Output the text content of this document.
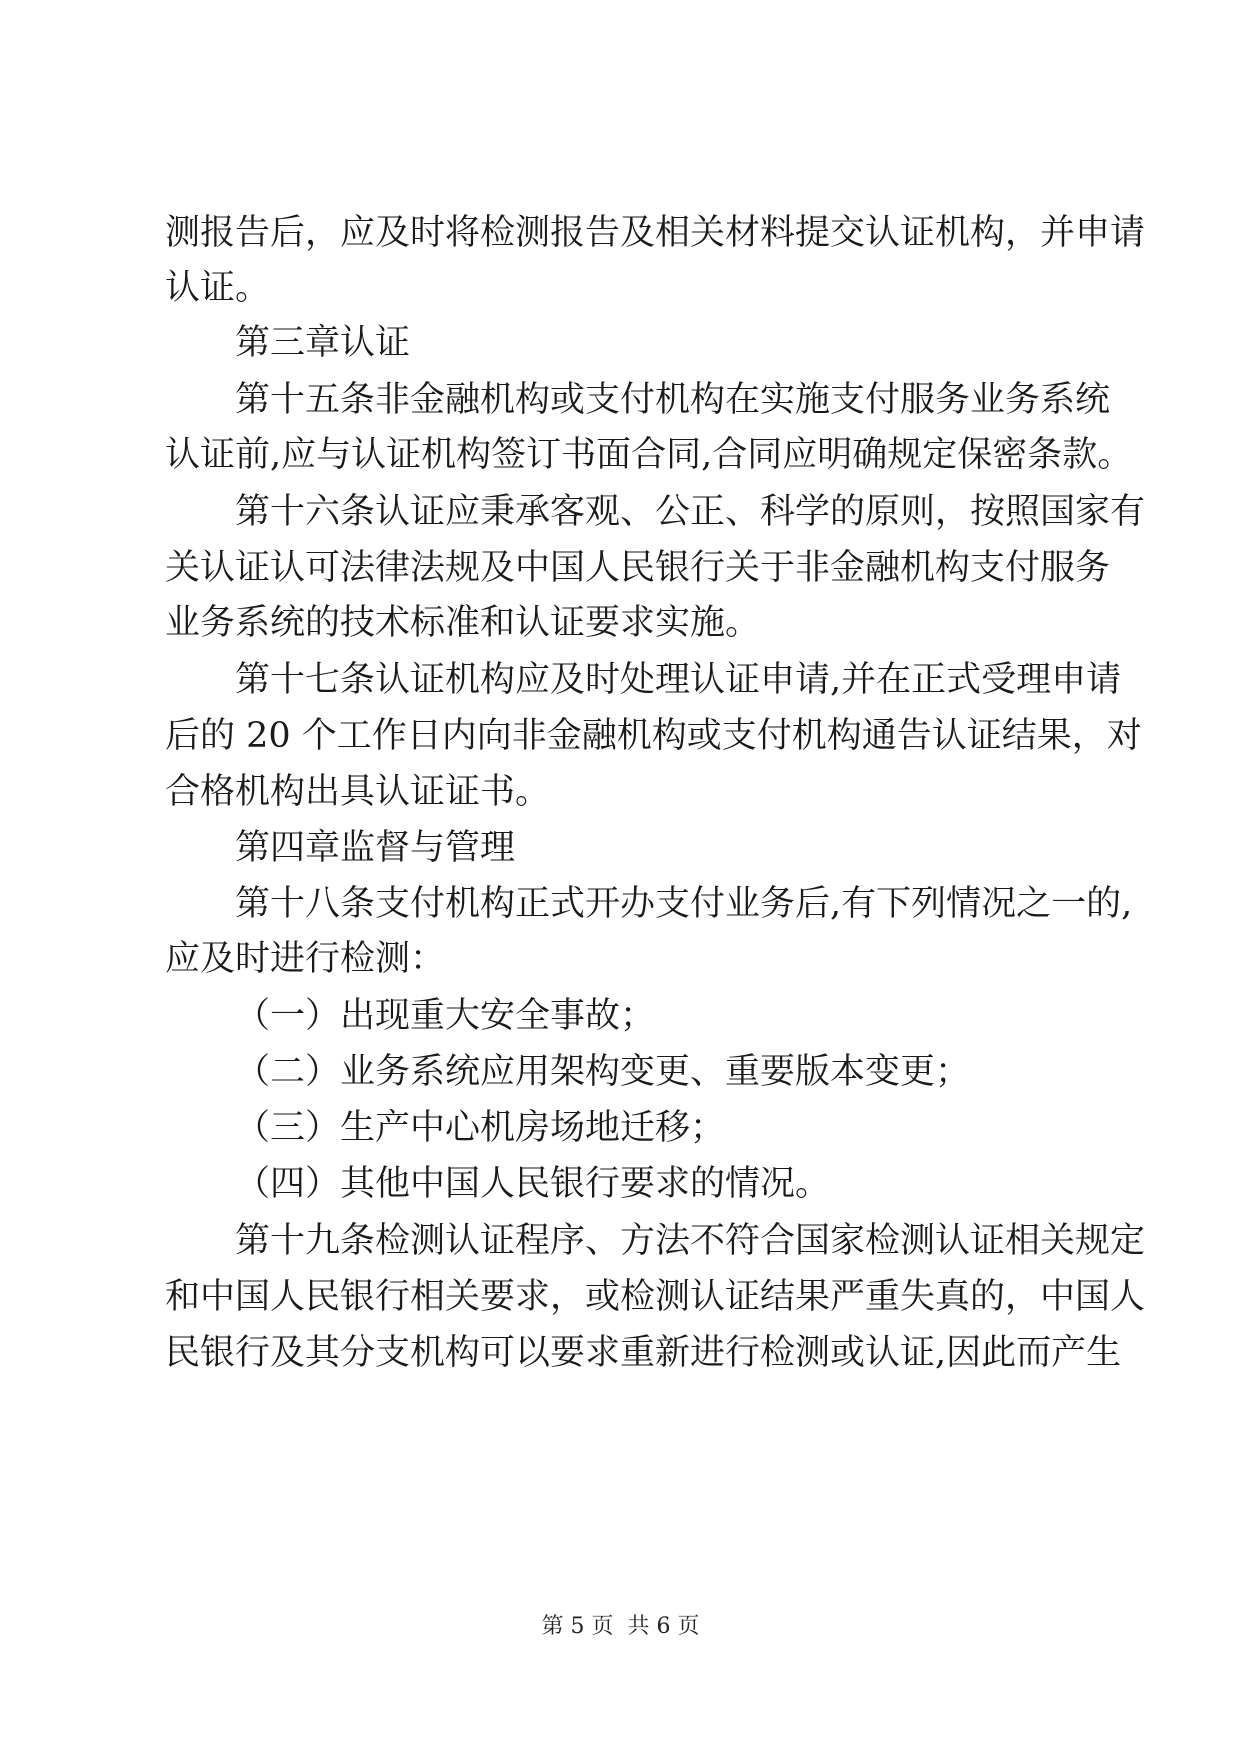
测报告后，应及时将检测报告及相关材料提交认证机构，并申请
认证。
第三章认证
第十五条非金融机构或支付机构在实施支付服务业务系统
认证前,应与认证机构签订书面合同,合同应明确规定保密条款。
第十六条认证应秉承客观、公正、科学的原则，按照国家有
关认证认可法律法规及中国人民银行关于非金融机构支付服务
业务系统的技术标准和认证要求实施。
第十七条认证机构应及时处理认证申请,并在正式受理申请
后的 20 个工作日内向非金融机构或支付机构通告认证结果，对
合格机构出具认证证书。
第四章监督与管理
第十八条支付机构正式开办支付业务后,有下列情况之一的,
应及时进行检测：
（一）出现重大安全事故；
（二）业务系统应用架构变更、重要版本变更；
（三）生产中心机房场地迁移；
（四）其他中国人民银行要求的情况。
第十九条检测认证程序、方法不符合国家检测认证相关规定
和中国人民银行相关要求，或检测认证结果严重失真的，中国人
民银行及其分支机构可以要求重新进行检测或认证,因此而产生
第 5 页  共 6 页
